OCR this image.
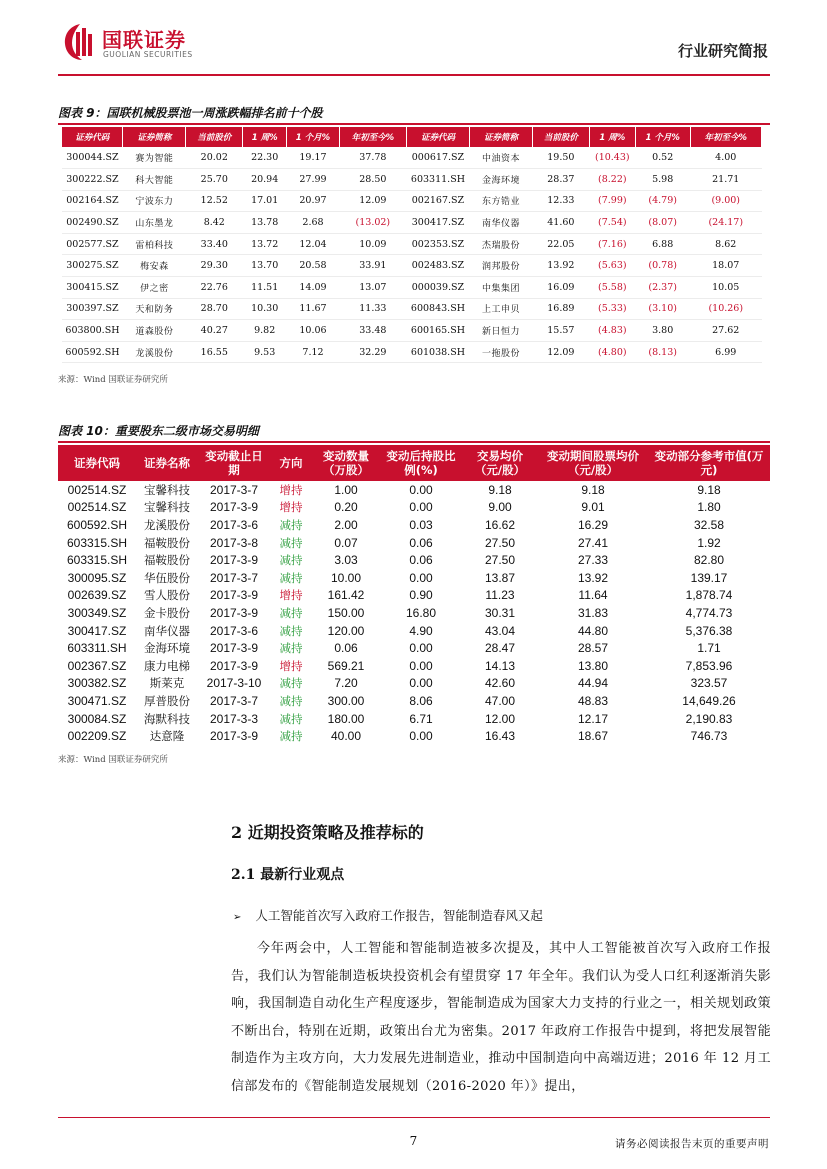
国联证券
GUOLIAN SECURITIES	行业研究简报
图表 9：国联机械股票池一周涨跌幅排名前十个股
证券代码	证券简称	当前股价	1 周%	1 个月%	年初至今%	证券代码	证券简称	当前股价	1 周%	1 个月%	年初至今%
300044.SZ	赛为智能	20.02	22.30	19.17	37.78	000617.SZ	中油资本	19.50	(10.43)	0.52	4.00
300222.SZ	科大智能	25.70	20.94	27.99	28.50	603311.SH	金海环境	28.37	(8.22)	5.98	21.71
002164.SZ	宁波东力	12.52	17.01	20.97	12.09	002167.SZ	东方锆业	12.33	(7.99)	(4.79)	(9.00)
002490.SZ	山东墨龙	8.42	13.78	2.68	(13.02)	300417.SZ	南华仪器	41.60	(7.54)	(8.07)	(24.17)
002577.SZ	雷柏科技	33.40	13.72	12.04	10.09	002353.SZ	杰瑞股份	22.05	(7.16)	6.88	8.62
300275.SZ	梅安森	29.30	13.70	20.58	33.91	002483.SZ	润邦股份	13.92	(5.63)	(0.78)	18.07
300415.SZ	伊之密	22.76	11.51	14.09	13.07	000039.SZ	中集集团	16.09	(5.58)	(2.37)	10.05
300397.SZ	天和防务	28.70	10.30	11.67	11.33	600843.SH	上工申贝	16.89	(5.33)	(3.10)	(10.26)
603800.SH	道森股份	40.27	9.82	10.06	33.48	600165.SH	新日恒力	15.57	(4.83)	3.80	27.62
600592.SH	龙溪股份	16.55	9.53	7.12	32.29	601038.SH	一拖股份	12.09	(4.80)	(8.13)	6.99
来源：Wind 国联证券研究所
图表 10：重要股东二级市场交易明细
证券代码	证券名称	变动截止日期	方向	变动数量（万股）	变动后持股比例(%)	交易均价（元/股）	变动期间股票均价（元/股）	变动部分参考市值(万元)
002514.SZ	宝馨科技	2017-3-7	增持	1.00	0.00	9.18	9.18	9.18
002514.SZ	宝馨科技	2017-3-9	增持	0.20	0.00	9.00	9.01	1.80
600592.SH	龙溪股份	2017-3-6	减持	2.00	0.03	16.62	16.29	32.58
603315.SH	福鞍股份	2017-3-8	减持	0.07	0.06	27.50	27.41	1.92
603315.SH	福鞍股份	2017-3-9	减持	3.03	0.06	27.50	27.33	82.80
300095.SZ	华伍股份	2017-3-7	减持	10.00	0.00	13.87	13.92	139.17
002639.SZ	雪人股份	2017-3-9	增持	161.42	0.90	11.23	11.64	1,878.74
300349.SZ	金卡股份	2017-3-9	减持	150.00	16.80	30.31	31.83	4,774.73
300417.SZ	南华仪器	2017-3-6	减持	120.00	4.90	43.04	44.80	5,376.38
603311.SH	金海环境	2017-3-9	减持	0.06	0.00	28.47	28.57	1.71
002367.SZ	康力电梯	2017-3-9	增持	569.21	0.00	14.13	13.80	7,853.96
300382.SZ	斯莱克	2017-3-10	减持	7.20	0.00	42.60	44.94	323.57
300471.SZ	厚普股份	2017-3-7	减持	300.00	8.06	47.00	48.83	14,649.26
300084.SZ	海默科技	2017-3-3	减持	180.00	6.71	12.00	12.17	2,190.83
002209.SZ	达意隆	2017-3-9	减持	40.00	0.00	16.43	18.67	746.73
来源：Wind 国联证券研究所
2 近期投资策略及推荐标的
2.1 最新行业观点
➢ 人工智能首次写入政府工作报告，智能制造春风又起
今年两会中，人工智能和智能制造被多次提及，其中人工智能被首次写入政府工作报告，我们认为智能制造板块投资机会有望贯穿 17 年全年。我们认为受人口红利逐渐消失影响，我国制造自动化生产程度逐步，智能制造成为国家大力支持的行业之一，相关规划政策不断出台，特别在近期，政策出台尤为密集。2017 年政府工作报告中提到，将把发展智能制造作为主攻方向，大力发展先进制造业，推动中国制造向中高端迈进；2016 年 12 月工信部发布的《智能制造发展规划（2016-2020 年）》提出，
7	请务必阅读报告末页的重要声明
